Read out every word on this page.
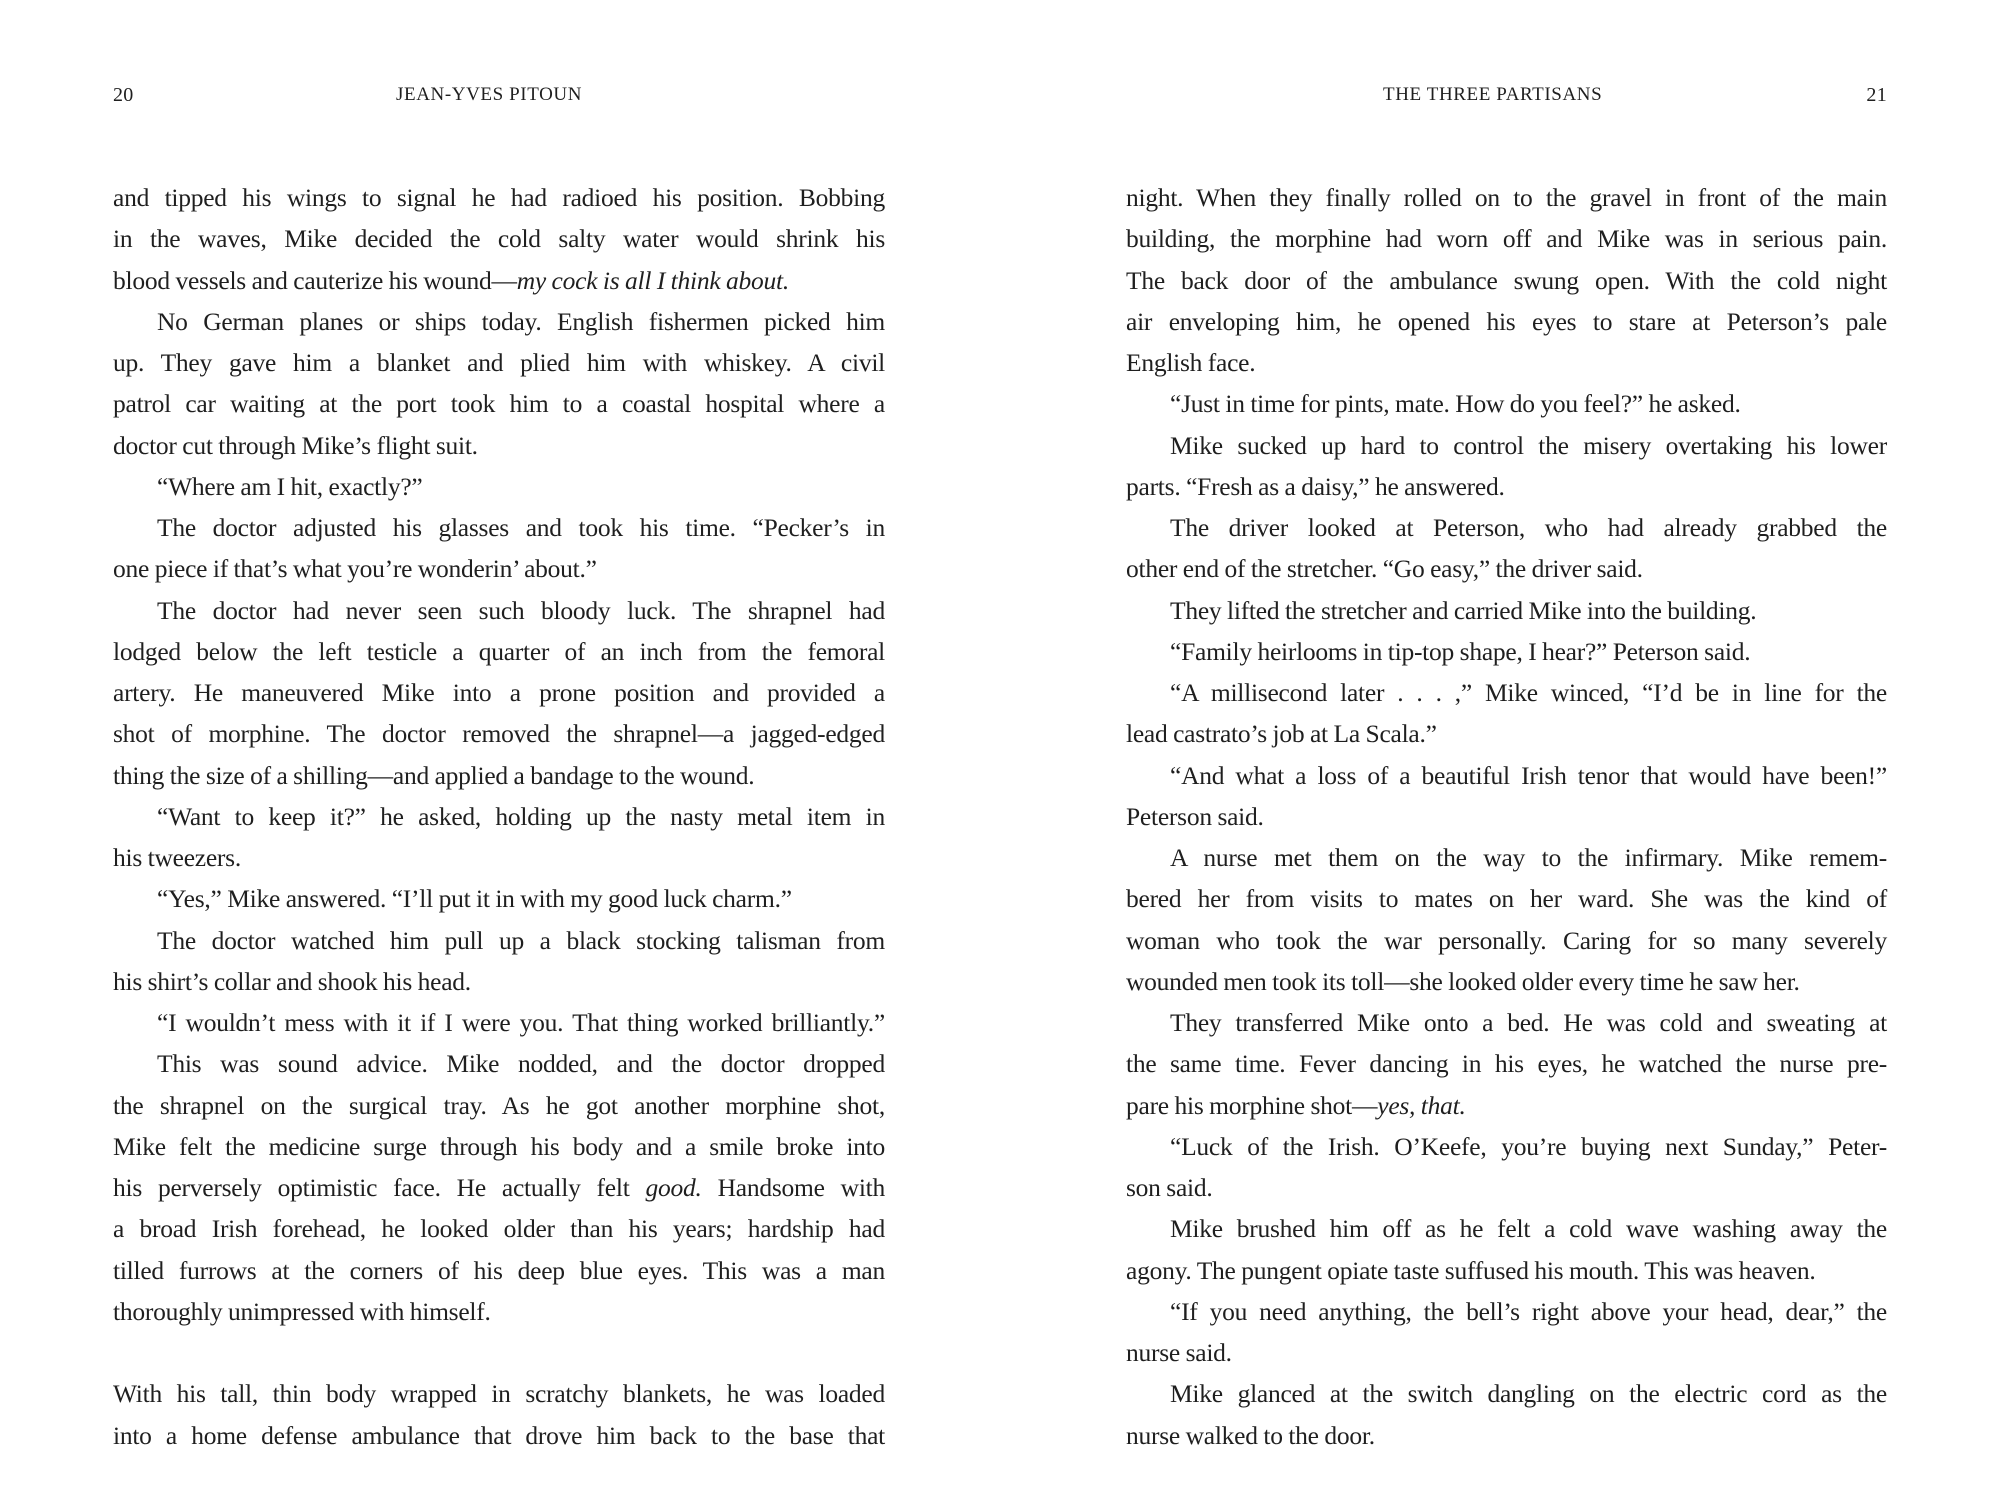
20	JEAN-YVES PITOUN
and tipped his wings to signal he had radioed his position. Bobbing
in the waves, Mike decided the cold salty water would shrink his
blood vessels and cauterize his wound—my cock is all I think about.
No German planes or ships today. English fishermen picked him
up. They gave him a blanket and plied him with whiskey. A civil
patrol car waiting at the port took him to a coastal hospital where a
doctor cut through Mike’s flight suit.
“Where am I hit, exactly?”
The doctor adjusted his glasses and took his time. “Pecker’s in
one piece if that’s what you’re wonderin’ about.”
The doctor had never seen such bloody luck. The shrapnel had
lodged below the left testicle a quarter of an inch from the femoral
artery. He maneuvered Mike into a prone position and provided a
shot of morphine. The doctor removed the shrapnel—a jagged-edged
thing the size of a shilling—and applied a bandage to the wound.
“Want to keep it?” he asked, holding up the nasty metal item in
his tweezers.
“Yes,” Mike answered. “I’ll put it in with my good luck charm.”
The doctor watched him pull up a black stocking talisman from
his shirt’s collar and shook his head.
“I wouldn’t mess with it if I were you. That thing worked brilliantly.”
This was sound advice. Mike nodded, and the doctor dropped
the shrapnel on the surgical tray. As he got another morphine shot,
Mike felt the medicine surge through his body and a smile broke into
his perversely optimistic face. He actually felt good. Handsome with
a broad Irish forehead, he looked older than his years; hardship had
tilled furrows at the corners of his deep blue eyes. This was a man
thoroughly unimpressed with himself.

With his tall, thin body wrapped in scratchy blankets, he was loaded
into a home defense ambulance that drove him back to the base that
THE THREE PARTISANS	21
night. When they finally rolled on to the gravel in front of the main
building, the morphine had worn off and Mike was in serious pain.
The back door of the ambulance swung open. With the cold night
air enveloping him, he opened his eyes to stare at Peterson’s pale
English face.
“Just in time for pints, mate. How do you feel?” he asked.
Mike sucked up hard to control the misery overtaking his lower
parts. “Fresh as a daisy,” he answered.
The driver looked at Peterson, who had already grabbed the
other end of the stretcher. “Go easy,” the driver said.
They lifted the stretcher and carried Mike into the building.
“Family heirlooms in tip-top shape, I hear?” Peterson said.
“A millisecond later . . . ,” Mike winced, “I’d be in line for the
lead castrato’s job at La Scala.”
“And what a loss of a beautiful Irish tenor that would have been!”
Peterson said.
A nurse met them on the way to the infirmary. Mike remem-
bered her from visits to mates on her ward. She was the kind of
woman who took the war personally. Caring for so many severely
wounded men took its toll—she looked older every time he saw her.
They transferred Mike onto a bed. He was cold and sweating at
the same time. Fever dancing in his eyes, he watched the nurse pre-
pare his morphine shot—yes, that.
“Luck of the Irish. O’Keefe, you’re buying next Sunday,” Peter-
son said.
Mike brushed him off as he felt a cold wave washing away the
agony. The pungent opiate taste suffused his mouth. This was heaven.
“If you need anything, the bell’s right above your head, dear,” the
nurse said.
Mike glanced at the switch dangling on the electric cord as the
nurse walked to the door.
